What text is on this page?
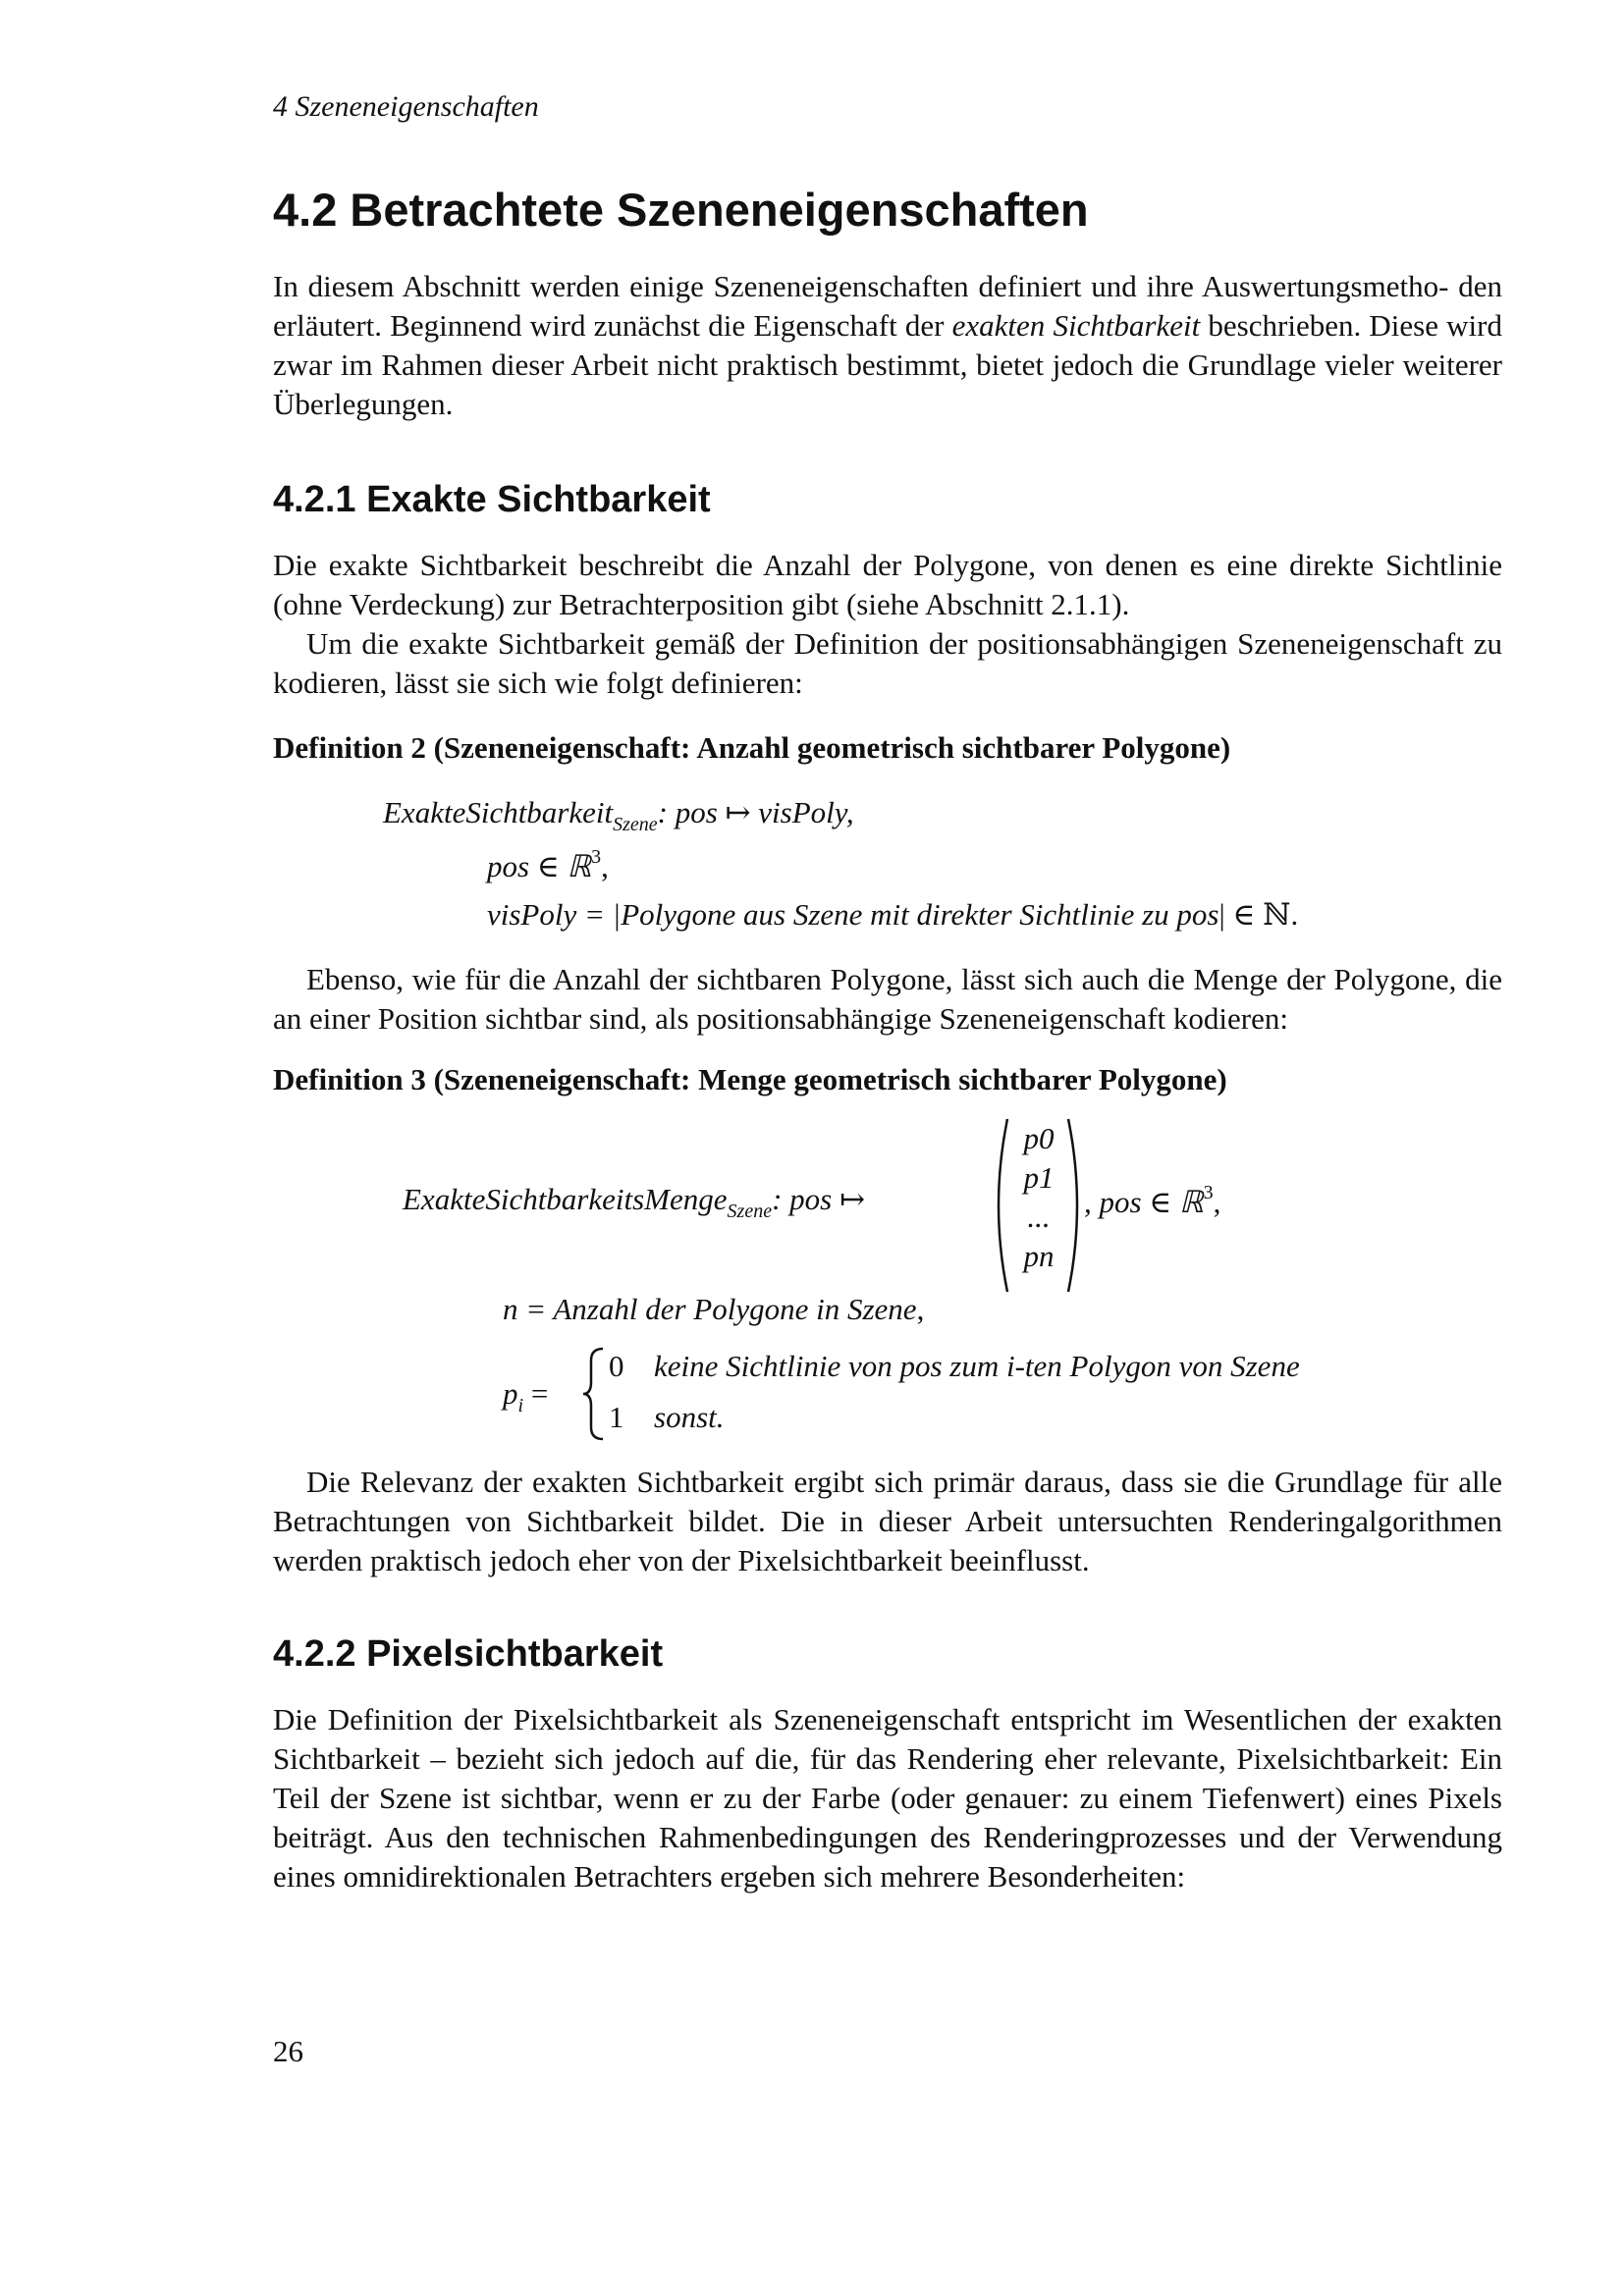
4 Szeneneigenschaften
4.2 Betrachtete Szeneneigenschaften

In diesem Abschnitt werden einige Szeneneigenschaften definiert und ihre Auswertungsmetho- den erläutert. Beginnend wird zunächst die Eigenschaft der exakten Sichtbarkeit beschrieben. Diese wird zwar im Rahmen dieser Arbeit nicht praktisch bestimmt, bietet jedoch die Grundlage vieler weiterer Überlegungen.

4.2.1 Exakte Sichtbarkeit

Die exakte Sichtbarkeit beschreibt die Anzahl der Polygone, von denen es eine direkte Sichtlinie (ohne Verdeckung) zur Betrachterposition gibt (siehe Abschnitt 2.1.1).

Um die exakte Sichtbarkeit gemäß der Definition der positionsabhängigen Szeneneigenschaft zu kodieren, lässt sie sich wie folgt definieren:

Definition 2 (Szeneneigenschaft: Anzahl geometrisch sichtbarer Polygone)
ExakteSichtbarkeit$_{Szene}$: pos ↦ visPoly,
pos ∈ ℝ$^3$,
visPoly = |Polygone aus Szene mit direkter Sichtlinie zu pos| ∈ ℕ.

Ebenso, wie für die Anzahl der sichtbaren Polygone, lässt sich auch die Menge der Polygone, die an einer Position sichtbar sind, als positionsabhängige Szeneneigenschaft kodieren:

Definition 3 (Szeneneigenschaft: Menge geometrisch sichtbarer Polygone)
ExakteSichtbarkeitsMenge$_{Szene}$: pos ↦
p0
p1
...
pn
, pos ∈ ℝ$^3$,
n = Anzahl der Polygone in Szene,
$p_i$ =
0 keine Sichtlinie von pos zum i-ten Polygon von Szene
1 sonst.

Die Relevanz der exakten Sichtbarkeit ergibt sich primär daraus, dass sie die Grundlage für alle Betrachtungen von Sichtbarkeit bildet. Die in dieser Arbeit untersuchten Renderingalgorithmen werden praktisch jedoch eher von der Pixelsichtbarkeit beeinflusst.

4.2.2 Pixelsichtbarkeit

Die Definition der Pixelsichtbarkeit als Szeneneigenschaft entspricht im Wesentlichen der exakten Sichtbarkeit – bezieht sich jedoch auf die, für das Rendering eher relevante, Pixelsichtbarkeit: Ein Teil der Szene ist sichtbar, wenn er zu der Farbe (oder genauer: zu einem Tiefenwert) eines Pixels beiträgt. Aus den technischen Rahmenbedingungen des Renderingprozesses und der Verwendung eines omnidirektionalen Betrachters ergeben sich mehrere Besonderheiten:

26
